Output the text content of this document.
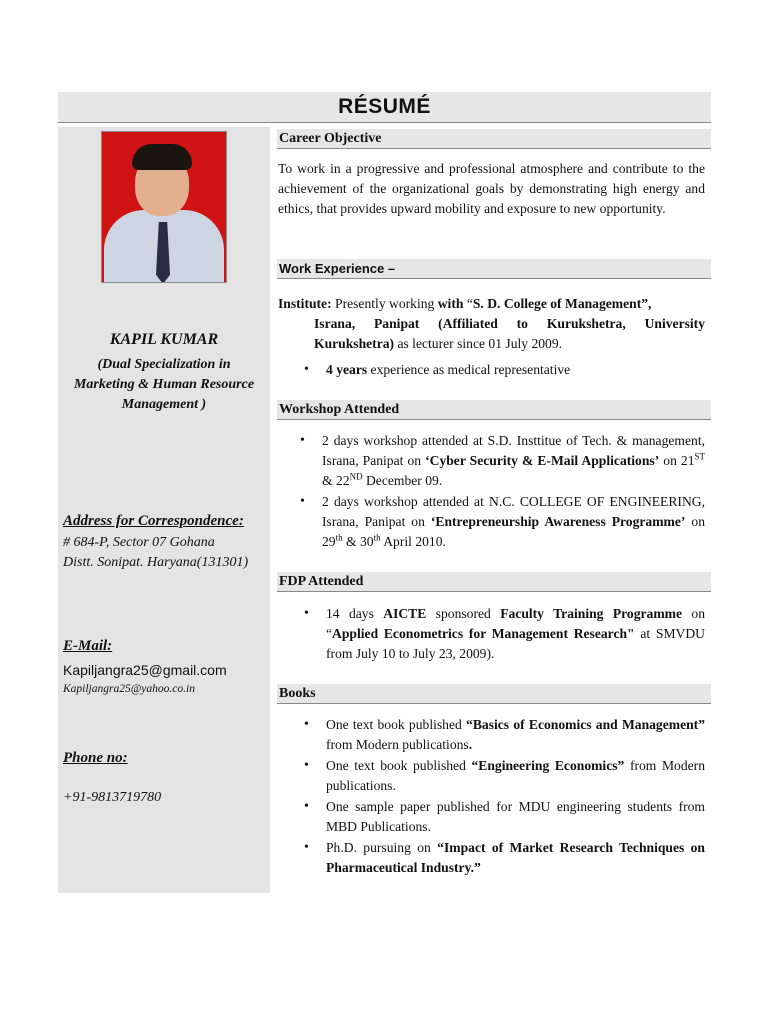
RÉSUMÉ
KAPIL KUMAR
(Dual Specialization in
Marketing & Human Resource
Management )
Address for Correspondence:
# 684-P, Sector 07 Gohana
Distt. Sonipat. Haryana(131301)
E-Mail:
Kapiljangra25@gmail.com
Kapiljangra25@yahoo.co.in
Phone no:
+91-9813719780
Career Objective
To work in a progressive and professional atmosphere and contribute to the achievement of the organizational goals by demonstrating high energy and ethics, that provides upward mobility and exposure to new opportunity.
Work Experience –
Institute: Presently working with “S. D. College of Management”,
Israna, Panipat (Affiliated to Kurukshetra, University Kurukshetra) as lecturer since 01 July 2009.
• 4 years experience as medical representative
Workshop Attended
• 2 days workshop attended at S.D. Insttitue of Tech. & management, Israna, Panipat on ‘Cyber Security & E-Mail Applications’ on 21ST & 22ND December 09.
• 2 days workshop attended at N.C. COLLEGE OF ENGINEERING, Israna, Panipat on ‘Entrepreneurship Awareness Programme’ on 29th & 30th April 2010.
FDP Attended
• 14 days AICTE sponsored Faculty Training Programme on “Applied Econometrics for Management Research" at SMVDU from July 10 to July 23, 2009).
Books
• One text book published “Basics of Economics and Management” from Modern publications.
• One text book published “Engineering Economics” from Modern publications.
• One sample paper published for MDU engineering students from MBD Publications.
• Ph.D. pursuing on “Impact of Market Research Techniques on Pharmaceutical Industry.”
